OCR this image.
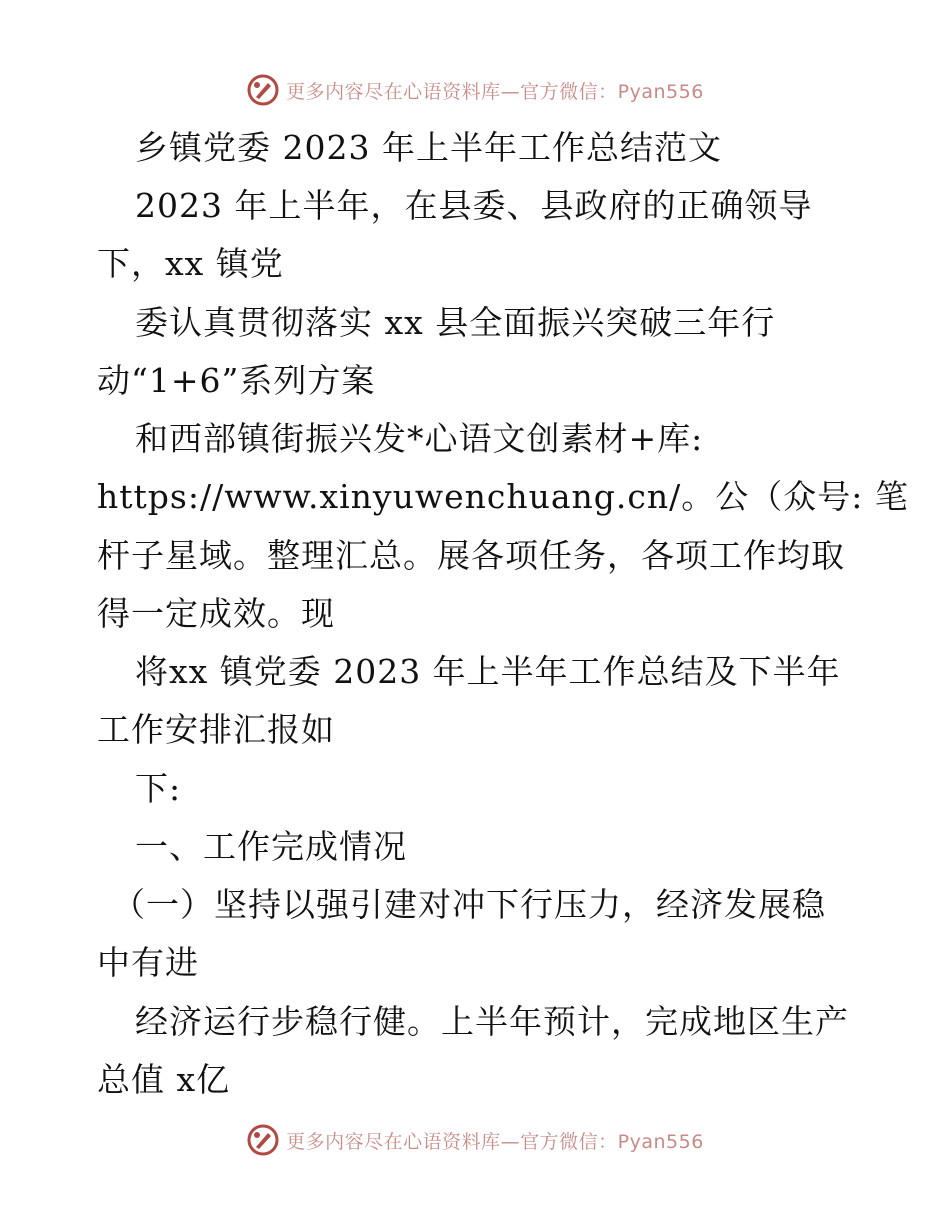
更多内容尽在心语资料库—官方微信：Pyan556
乡镇党委 2023 年上半年工作总结范文
2023 年上半年，在县委、县政府的正确领导
下，xx 镇党
委认真贯彻落实 xx 县全面振兴突破三年行
动“1+6”系列方案
和西部镇街振兴发*心语文创素材+库:
https://www.xinyuwenchuang.cn/。公（众号: 笔
杆子星域。整理汇总。展各项任务，各项工作均取
得一定成效。现
将xx 镇党委 2023 年上半年工作总结及下半年
工作安排汇报如
下:
一、工作完成情况
（一）坚持以强引建对冲下行压力，经济发展稳
中有进
经济运行步稳行健。上半年预计，完成地区生产
总值 x亿
更多内容尽在心语资料库—官方微信：Pyan556
